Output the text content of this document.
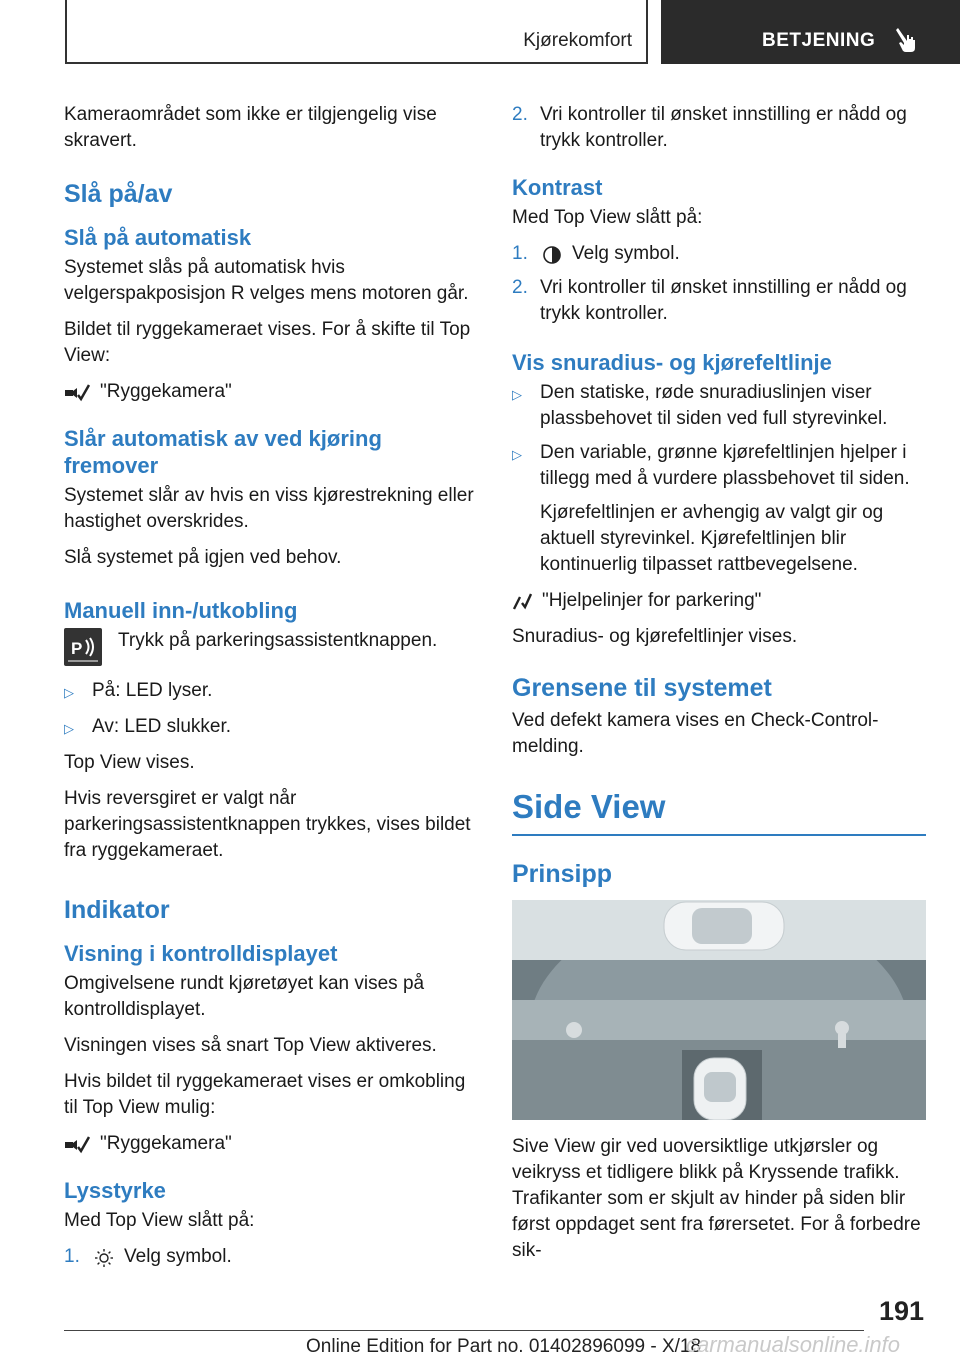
Kjørekomfort	BETJENING

Kameraområdet som ikke er tilgjengelig vise skravert.

Slå på/av
Slå på automatisk

Systemet slås på automatisk hvis velgerspakposisjon R velges mens motoren går.

Bildet til ryggekameraet vises. For å skifte til Top View:

"Ryggekamera"
Slår automatisk av ved kjøring fremover

Systemet slår av hvis en viss kjørestrekning eller hastighet overskrides.

Slå systemet på igjen ved behov.

Manuell inn-/utkobling
P Trykk på parkeringsassistentknappen.
▷ På: LED lyser.
▷ Av: LED slukker.

Top View vises.

Hvis reversgiret er valgt når parkeringsassistentknappen trykkes, vises bildet fra ryggekameraet.

Indikator
Visning i kontrolldisplayet

Omgivelsene rundt kjøretøyet kan vises på kontrolldisplayet.

Visningen vises så snart Top View aktiveres.

Hvis bildet til ryggekameraet vises er omkobling til Top View mulig:

"Ryggekamera"
Lysstyrke

Med Top View slått på:

1.	Velg symbol.
2. Vri kontroller til ønsket innstilling er nådd og trykk kontroller.
Kontrast

Med Top View slått på:

1.	Velg symbol.
2. Vri kontroller til ønsket innstilling er nådd og trykk kontroller.
Vis snuradius- og kjørefeltlinje
▷ Den statiske, røde snuradiuslinjen viser plassbehovet til siden ved full styrevinkel.
▷ Den variable, grønne kjørefeltlinjen hjelper i tillegg med å vurdere plassbehovet til siden.

Kjørefeltlinjen er avhengig av valgt gir og aktuell styrevinkel. Kjørefeltlinjen blir kontinuerlig tilpasset rattbevegelsene.

"Hjelpelinjer for parkering"

Snuradius- og kjørefeltlinjer vises.

Grensene til systemet

Ved defekt kamera vises en Check-Control-melding.

Side View
Prinsipp

Sive View gir ved uoversiktlige utkjørsler og veikryss et tidligere blikk på Kryssende trafikk. Trafikanter som er skjult av hinder på siden blir først oppdaget sent fra førersetet. For å forbedre sik-

191
Online Edition for Part no. 01402896099 - X/18
carmanualsonline.info
